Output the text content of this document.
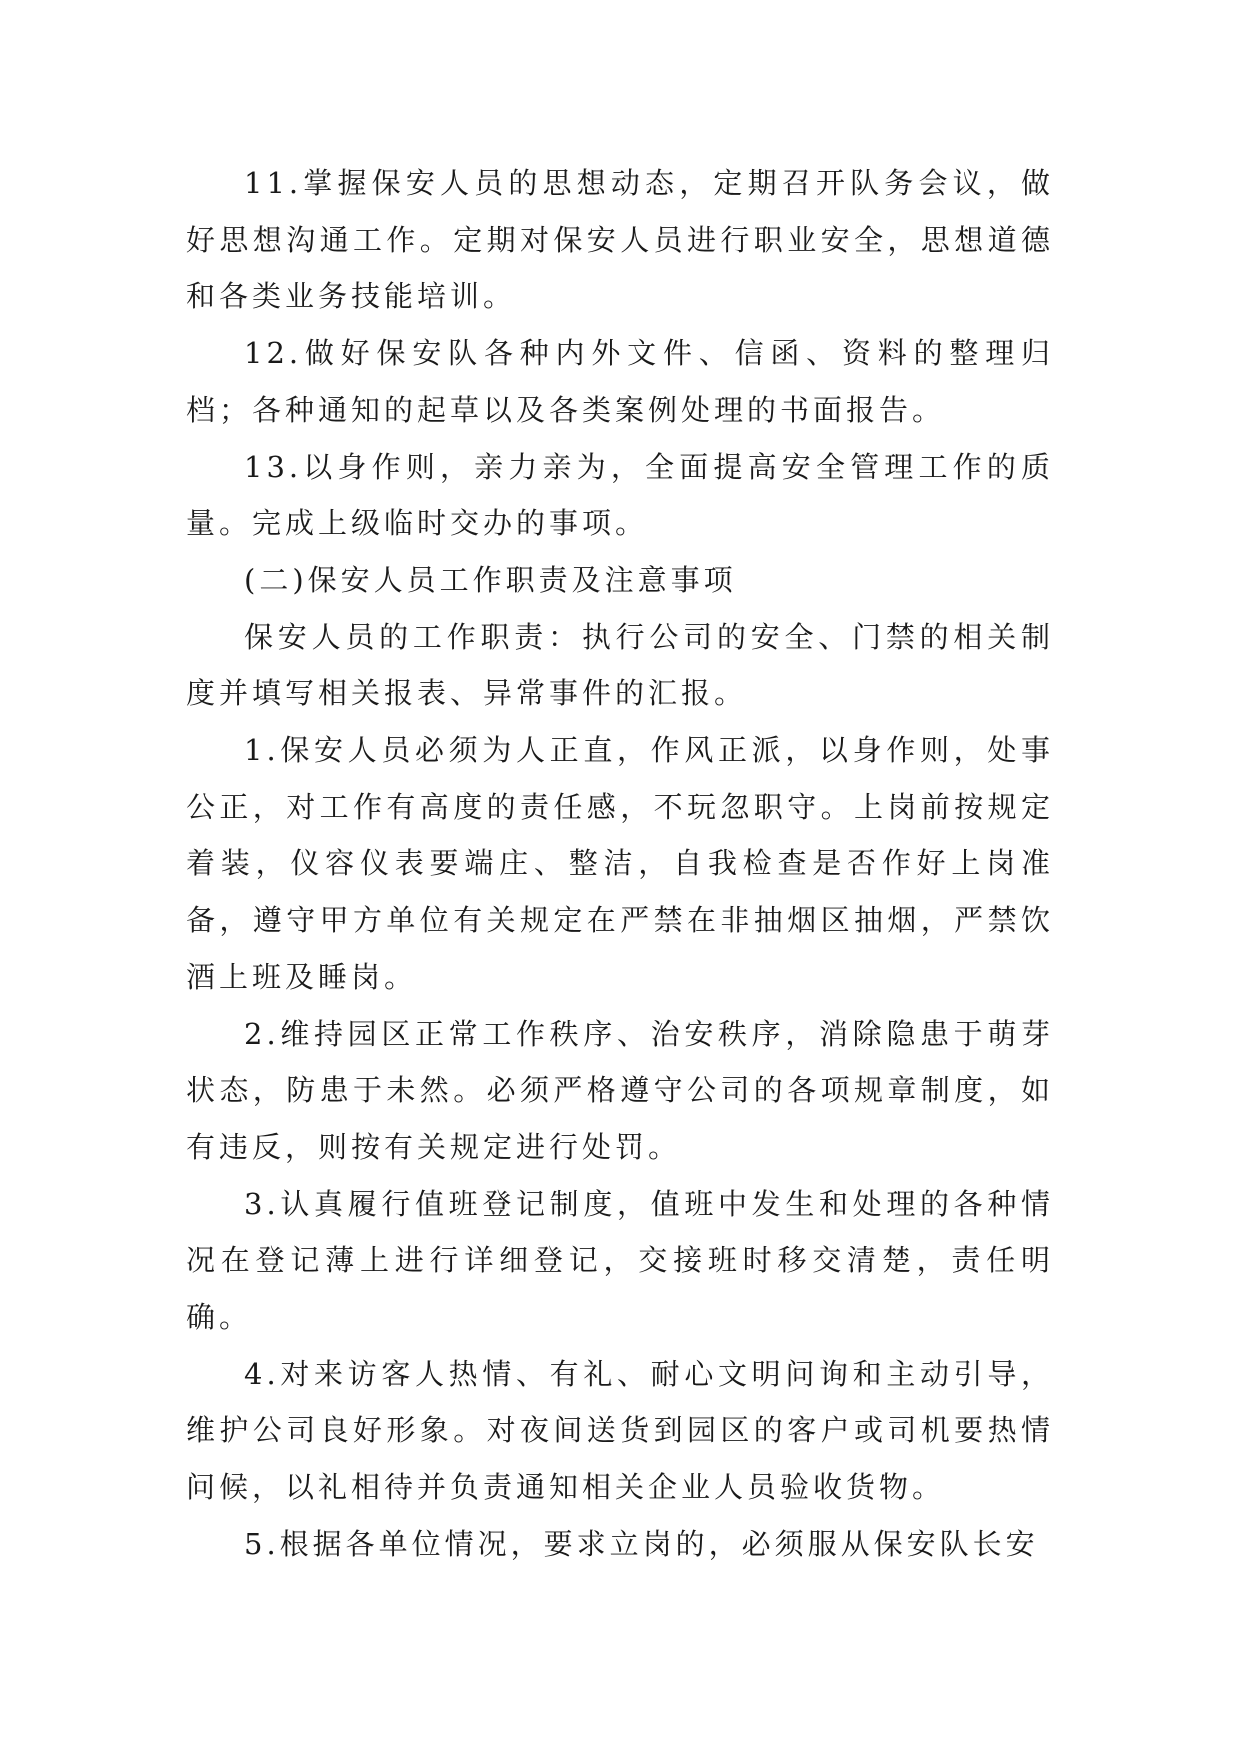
11.掌握保安人员的思想动态，定期召开队务会议，做好思想沟通工作。定期对保安人员进行职业安全，思想道德和各类业务技能培训。

12.做好保安队各种内外文件、信函、资料的整理归档；各种通知的起草以及各类案例处理的书面报告。

13.以身作则，亲力亲为，全面提高安全管理工作的质量。完成上级临时交办的事项。

(二)保安人员工作职责及注意事项

保安人员的工作职责：执行公司的安全、门禁的相关制度并填写相关报表、异常事件的汇报。

1.保安人员必须为人正直，作风正派，以身作则，处事公正，对工作有高度的责任感，不玩忽职守。上岗前按规定着装，仪容仪表要端庄、整洁，自我检查是否作好上岗准备，遵守甲方单位有关规定在严禁在非抽烟区抽烟，严禁饮酒上班及睡岗。

2.维持园区正常工作秩序、治安秩序，消除隐患于萌芽状态，防患于未然。必须严格遵守公司的各项规章制度，如有违反，则按有关规定进行处罚。

3.认真履行值班登记制度，值班中发生和处理的各种情况在登记薄上进行详细登记，交接班时移交清楚，责任明确。

4.对来访客人热情、有礼、耐心文明问询和主动引导，维护公司良好形象。对夜间送货到园区的客户或司机要热情问候，以礼相待并负责通知相关企业人员验收货物。

5.根据各单位情况，要求立岗的，必须服从保安队长安
